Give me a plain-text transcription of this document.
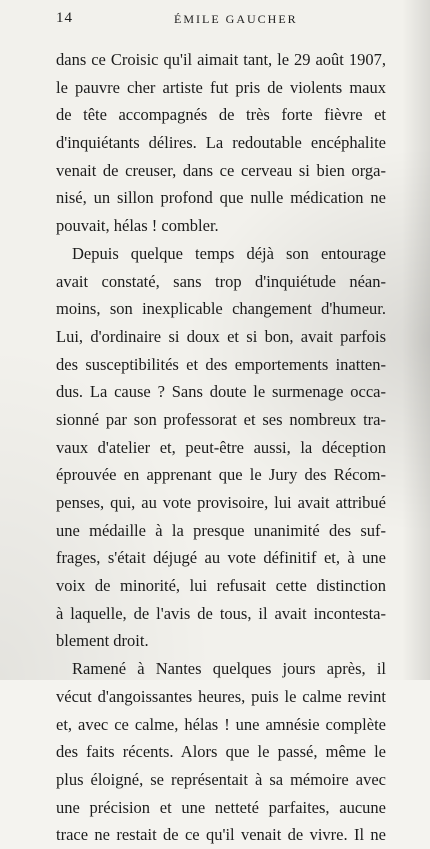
14	ÉMILE GAUCHER
dans ce Croisic qu'il aimait tant, le 29 août 1907,
le pauvre cher artiste fut pris de violents maux
de tête accompagnés de très forte fièvre et
d'inquiétants délires. La redoutable encéphalite
venait de creuser, dans ce cerveau si bien orga-
nisé, un sillon profond que nulle médication ne
pouvait, hélas ! combler.
Depuis quelque temps déjà son entourage
avait constaté, sans trop d'inquiétude néan-
moins, son inexplicable changement d'humeur.
Lui, d'ordinaire si doux et si bon, avait parfois
des susceptibilités et des emportements inatten-
dus. La cause ? Sans doute le surmenage occa-
sionné par son professorat et ses nombreux tra-
vaux d'atelier et, peut-être aussi, la déception
éprouvée en apprenant que le Jury des Récom-
penses, qui, au vote provisoire, lui avait attribué
une médaille à la presque unanimité des suf-
frages, s'était déjugé au vote définitif et, à une
voix de minorité, lui refusait cette distinction
à laquelle, de l'avis de tous, il avait incontesta-
blement droit.
Ramené à Nantes quelques jours après, il
vécut d'angoissantes heures, puis le calme revint
et, avec ce calme, hélas ! une amnésie complète
des faits récents. Alors que le passé, même le
plus éloigné, se représentait à sa mémoire avec
une précision et une netteté parfaites, aucune
trace ne restait de ce qu'il venait de vivre. Il ne
